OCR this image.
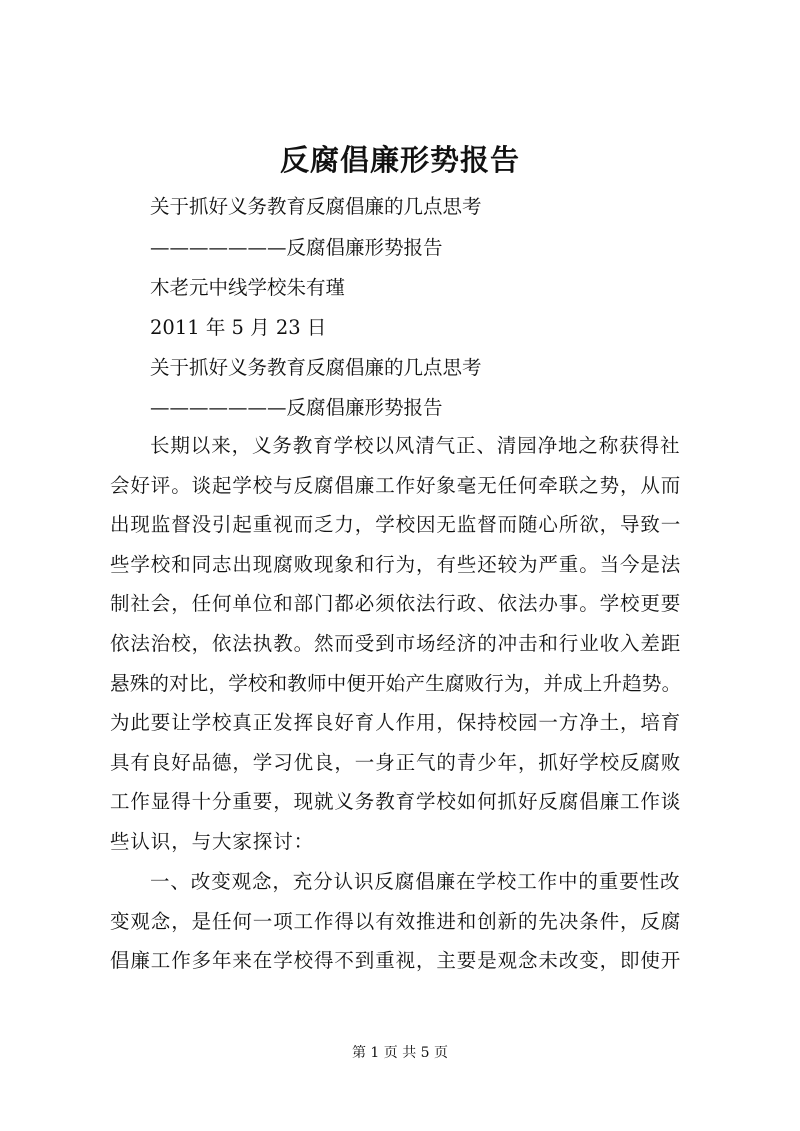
反腐倡廉形势报告
关于抓好义务教育反腐倡廉的几点思考
———————反腐倡廉形势报告
木老元中线学校朱有瑾
2011 年 5 月 23 日
关于抓好义务教育反腐倡廉的几点思考
———————反腐倡廉形势报告
长期以来，义务教育学校以风清气正、清园净地之称获得社
会好评。谈起学校与反腐倡廉工作好象毫无任何牵联之势，从而
出现监督没引起重视而乏力，学校因无监督而随心所欲，导致一
些学校和同志出现腐败现象和行为，有些还较为严重。当今是法
制社会，任何单位和部门都必须依法行政、依法办事。学校更要
依法治校，依法执教。然而受到市场经济的冲击和行业收入差距
悬殊的对比，学校和教师中便开始产生腐败行为，并成上升趋势。
为此要让学校真正发挥良好育人作用，保持校园一方净土，培育
具有良好品德，学习优良，一身正气的青少年，抓好学校反腐败
工作显得十分重要，现就义务教育学校如何抓好反腐倡廉工作谈
些认识，与大家探讨：
一、改变观念，充分认识反腐倡廉在学校工作中的重要性改
变观念，是任何一项工作得以有效推进和创新的先决条件，反腐
倡廉工作多年来在学校得不到重视，主要是观念未改变，即使开
第 1 页 共 5 页
